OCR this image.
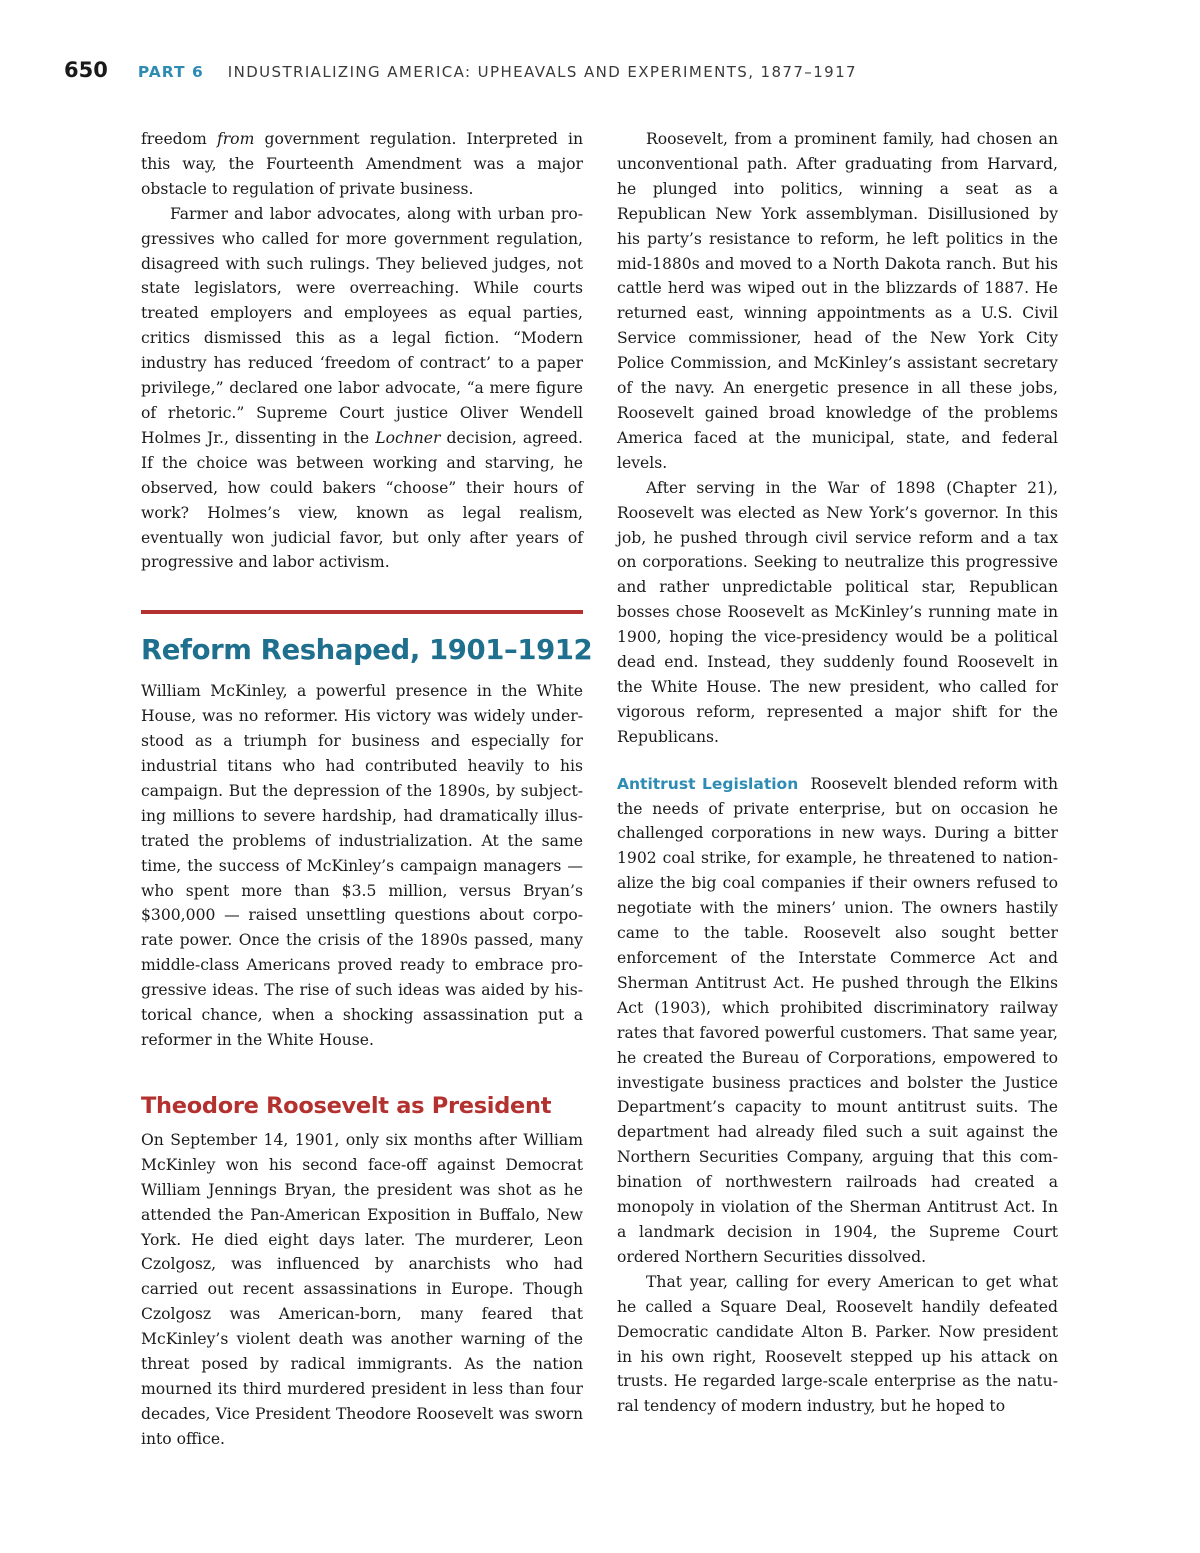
650 PART 6 INDUSTRIALIZING AMERICA: UPHEAVALS AND EXPERIMENTS, 1877–1917

freedom from government regulation. Interpreted in this way, the Fourteenth Amendment was a major obstacle to regulation of private business.

Farmer and labor advocates, along with urban progressives who called for more government regulation, disagreed with such rulings. They believed judges, not state legislators, were overreaching. While courts treated employers and employees as equal parties, critics dismissed this as a legal fiction. “Modern industry has reduced ‘freedom of contract’ to a paper privilege,” declared one labor advocate, “a mere figure of rhetoric.” Supreme Court justice Oliver Wendell Holmes Jr., dissenting in the Lochner decision, agreed. If the choice was between working and starving, he observed, how could bakers “choose” their hours of work? Holmes’s view, known as legal realism, eventually won judicial favor, but only after years of progressive and labor activism.

Reform Reshaped, 1901–1912

William McKinley, a powerful presence in the White House, was no reformer. His victory was widely understood as a triumph for business and especially for industrial titans who had contributed heavily to his campaign. But the depression of the 1890s, by subjecting millions to severe hardship, had dramatically illustrated the problems of industrialization. At the same time, the success of McKinley’s campaign managers — who spent more than $3.5 million, versus Bryan’s $300,000 — raised unsettling questions about corporate power. Once the crisis of the 1890s passed, many middle-class Americans proved ready to embrace progressive ideas. The rise of such ideas was aided by historical chance, when a shocking assassination put a reformer in the White House.

Theodore Roosevelt as President

On September 14, 1901, only six months after William McKinley won his second face-off against Democrat William Jennings Bryan, the president was shot as he attended the Pan-American Exposition in Buffalo, New York. He died eight days later. The murderer, Leon Czolgosz, was influenced by anarchists who had carried out recent assassinations in Europe. Though Czolgosz was American-born, many feared that McKinley’s violent death was another warning of the threat posed by radical immigrants. As the nation mourned its third murdered president in less than four decades, Vice President Theodore Roosevelt was sworn into office.

Roosevelt, from a prominent family, had chosen an unconventional path. After graduating from Harvard, he plunged into politics, winning a seat as a Republican New York assemblyman. Disillusioned by his party’s resistance to reform, he left politics in the mid-1880s and moved to a North Dakota ranch. But his cattle herd was wiped out in the blizzards of 1887. He returned east, winning appointments as a U.S. Civil Service commissioner, head of the New York City Police Commission, and McKinley’s assistant secretary of the navy. An energetic presence in all these jobs, Roosevelt gained broad knowledge of the problems America faced at the municipal, state, and federal levels.

After serving in the War of 1898 (Chapter 21), Roosevelt was elected as New York’s governor. In this job, he pushed through civil service reform and a tax on corporations. Seeking to neutralize this progressive and rather unpredictable political star, Republican bosses chose Roosevelt as McKinley’s running mate in 1900, hoping the vice-presidency would be a political dead end. Instead, they suddenly found Roosevelt in the White House. The new president, who called for vigorous reform, represented a major shift for the Republicans.

Antitrust Legislation Roosevelt blended reform with the needs of private enterprise, but on occasion he challenged corporations in new ways. During a bitter 1902 coal strike, for example, he threatened to nationalize the big coal companies if their owners refused to negotiate with the miners’ union. The owners hastily came to the table. Roosevelt also sought better enforcement of the Interstate Commerce Act and Sherman Antitrust Act. He pushed through the Elkins Act (1903), which prohibited discriminatory railway rates that favored powerful customers. That same year, he created the Bureau of Corporations, empowered to investigate business practices and bolster the Justice Department’s capacity to mount antitrust suits. The department had already filed such a suit against the Northern Securities Company, arguing that this combination of northwestern railroads had created a monopoly in violation of the Sherman Antitrust Act. In a landmark decision in 1904, the Supreme Court ordered Northern Securities dissolved.

That year, calling for every American to get what he called a Square Deal, Roosevelt handily defeated Democratic candidate Alton B. Parker. Now president in his own right, Roosevelt stepped up his attack on trusts. He regarded large-scale enterprise as the natural tendency of modern industry, but he hoped to
